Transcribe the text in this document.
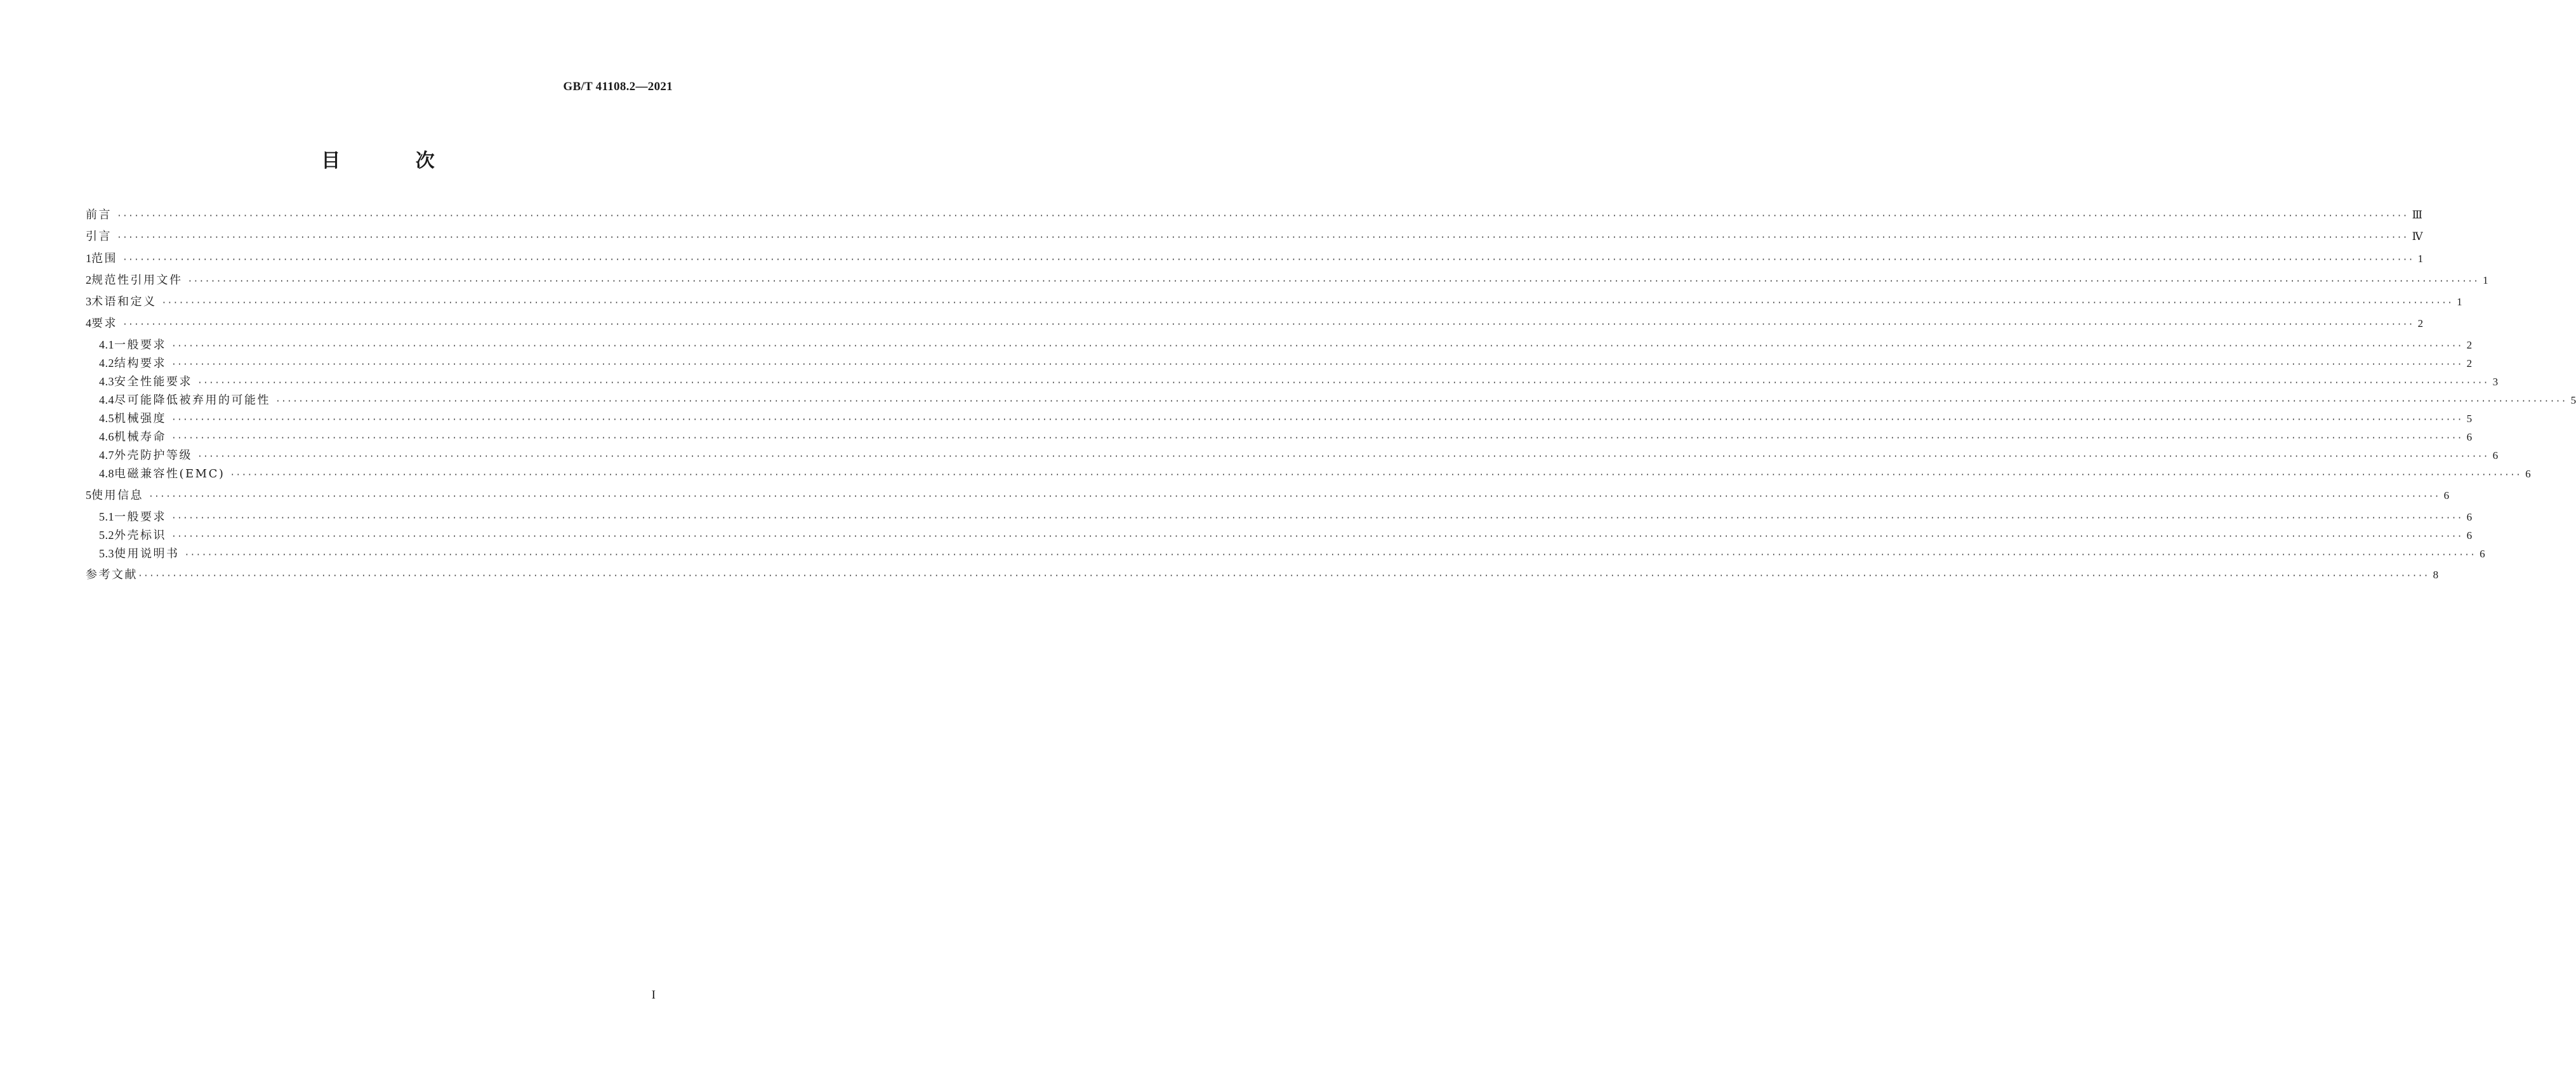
GB/T 41108.2—2021
目 次
前言 ················································································································································································································································································································································································································ Ⅲ
引言 ················································································································································································································································································································································································································ Ⅳ
1 范围 ················································································································································································································································································································································································································ 1
2 规范性引用文件 ················································································································································································································································································································································································································ 1
3 术语和定义 ················································································································································································································································································································································································································ 1
4 要求 ················································································································································································································································································································································································································ 2
4.1 一般要求 ················································································································································································································································································································································································································ 2
4.2 结构要求 ················································································································································································································································································································································································································ 2
4.3 安全性能要求 ················································································································································································································································································································································································································ 3
4.4 尽可能降低被弃用的可能性 ················································································································································································································································································································································································································ 5
4.5 机械强度 ················································································································································································································································································································································································································ 5
4.6 机械寿命 ················································································································································································································································································································································································································ 6
4.7 外壳防护等级 ················································································································································································································································································································································································································ 6
4.8 电磁兼容性(EMC) ················································································································································································································································································································································································································ 6
5 使用信息 ················································································································································································································································································································································································································ 6
5.1 一般要求 ················································································································································································································································································································································································································ 6
5.2 外壳标识 ················································································································································································································································································································································································································ 6
5.3 使用说明书 ················································································································································································································································································································································································································ 6
参考文献 ················································································································································································································································································································································································································ 8
I
